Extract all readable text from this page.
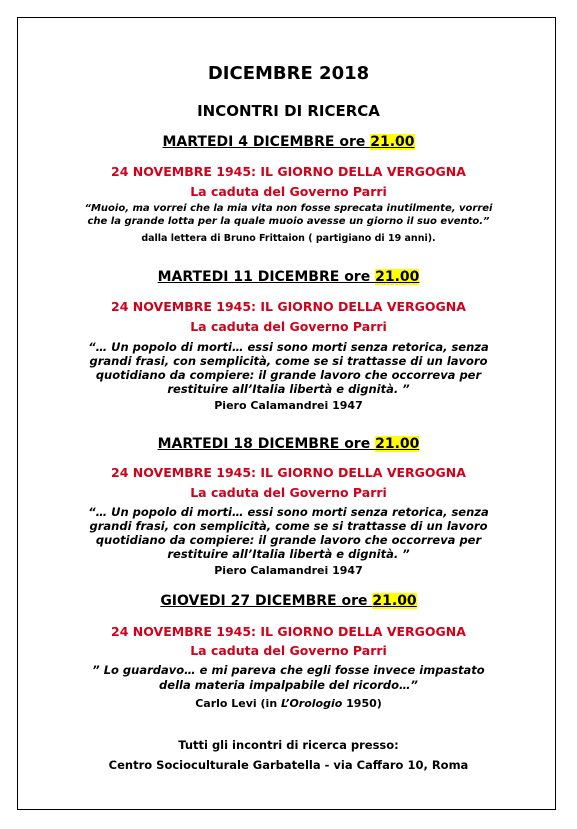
DICEMBRE 2018
INCONTRI DI RICERCA
MARTEDI 4 DICEMBRE ore 21.00
24 NOVEMBRE 1945: IL GIORNO DELLA VERGOGNA
La caduta del Governo Parri
“Muoio, ma vorrei che la mia vita non fosse sprecata inutilmente, vorrei
che la grande lotta per la quale muoio avesse un giorno il suo evento.”
dalla lettera di Bruno Frittaion ( partigiano di 19 anni).
MARTEDI 11 DICEMBRE ore 21.00
24 NOVEMBRE 1945: IL GIORNO DELLA VERGOGNA
La caduta del Governo Parri
“… Un popolo di morti… essi sono morti senza retorica, senza
grandi frasi, con semplicità, come se si trattasse di un lavoro
quotidiano da compiere: il grande lavoro che occorreva per
restituire all’Italia libertà e dignità. ”
Piero Calamandrei 1947
MARTEDI 18 DICEMBRE ore 21.00
24 NOVEMBRE 1945: IL GIORNO DELLA VERGOGNA
La caduta del Governo Parri
“… Un popolo di morti… essi sono morti senza retorica, senza
grandi frasi, con semplicità, come se si trattasse di un lavoro
quotidiano da compiere: il grande lavoro che occorreva per
restituire all’Italia libertà e dignità. ”
Piero Calamandrei 1947
GIOVEDI 27 DICEMBRE ore 21.00
24 NOVEMBRE 1945: IL GIORNO DELLA VERGOGNA
La caduta del Governo Parri
” Lo guardavo… e mi pareva che egli fosse invece impastato
della materia impalpabile del ricordo…”
Carlo Levi (in L’Orologio 1950)
Tutti gli incontri di ricerca presso:
Centro Socioculturale Garbatella - via Caffaro 10, Roma
